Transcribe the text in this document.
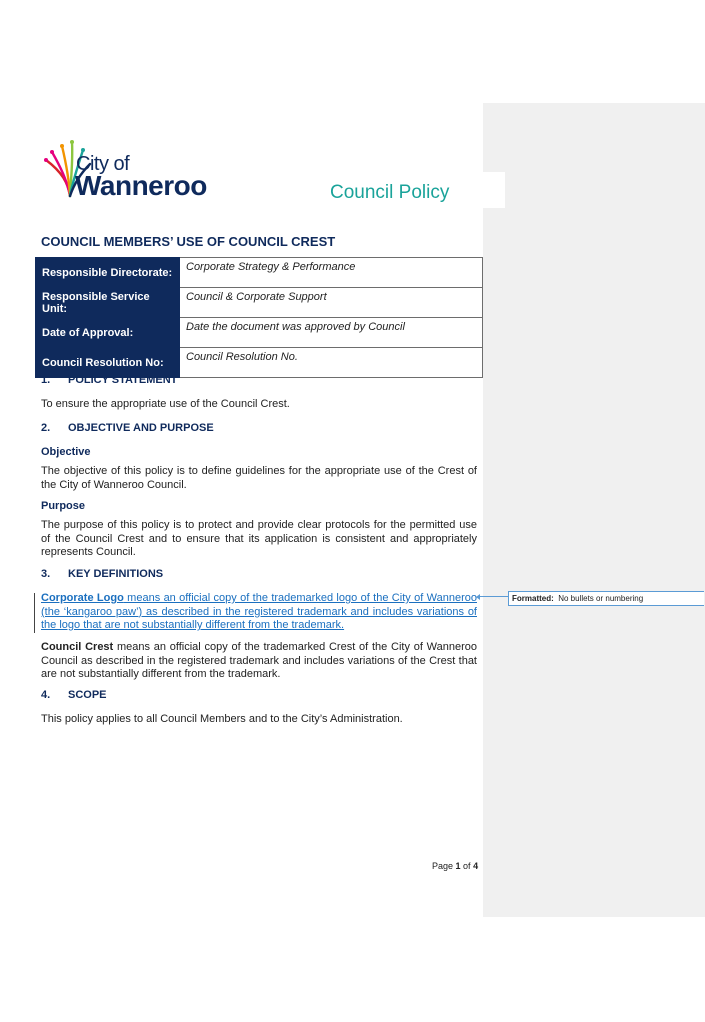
City of
Wanneroo	Council Policy
COUNCIL MEMBERS’ USE OF COUNCIL CREST
Responsible Directorate:	Corporate Strategy & Performance
Responsible Service Unit:	Council & Corporate Support
Date of Approval:	Date the document was approved by Council
Council Resolution No:	Council Resolution No.
1. POLICY STATEMENT
To ensure the appropriate use of the Council Crest.
2. OBJECTIVE AND PURPOSE
Objective
The objective of this policy is to define guidelines for the appropriate use of the Crest of the City of Wanneroo Council.
Purpose
The purpose of this policy is to protect and provide clear protocols for the permitted use of the Council Crest and to ensure that its application is consistent and appropriately represents Council.
3. KEY DEFINITIONS
Corporate Logo means an official copy of the trademarked logo of the City of Wanneroo (the ‘kangaroo paw’) as described in the registered trademark and includes variations of the logo that are not substantially different from the trademark.
Council Crest means an official copy of the trademarked Crest of the City of Wanneroo Council as described in the registered trademark and includes variations of the Crest that are not substantially different from the trademark.
4. SCOPE
This policy applies to all Council Members and to the City’s Administration.
Formatted: No bullets or numbering
Page 1 of 4
